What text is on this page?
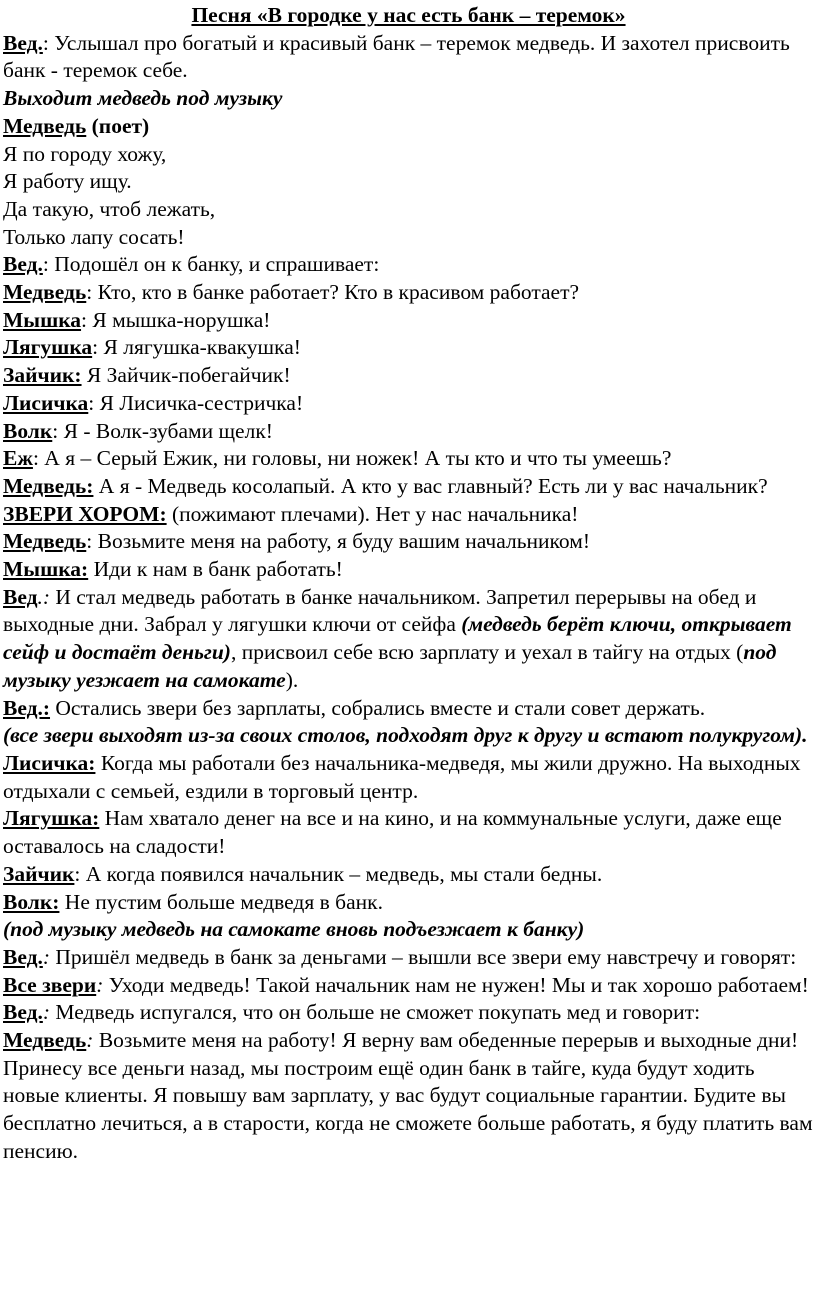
Песня «В городке у нас есть банк – теремок»

Вед.: Услышал про богатый и красивый банк – теремок медведь. И захотел присвоить банк - теремок себе.

Выходит медведь под музыку

Медведь (поет)

Я по городу хожу,

Я работу ищу.

Да такую, чтоб лежать,

Только лапу сосать!

Вед.: Подошёл он к банку, и спрашивает:

Медведь: Кто, кто в банке работает? Кто в красивом работает?

Мышка: Я мышка-норушка!

Лягушка: Я лягушка-квакушка!

Зайчик: Я Зайчик-побегайчик!

Лисичка: Я Лисичка-сестричка!

Волк: Я - Волк-зубами щелк!

Еж: А я – Серый Ежик, ни головы, ни ножек! А ты кто и что ты умеешь?

Медведь: А я - Медведь косолапый. А кто у вас главный? Есть ли у вас начальник?

ЗВЕРИ ХОРОМ: (пожимают плечами). Нет у нас начальника!

Медведь: Возьмите меня на работу, я буду вашим начальником!

Мышка: Иди к нам в банк работать!

Вед.: И стал медведь работать в банке начальником. Запретил перерывы на обед и выходные дни. Забрал у лягушки ключи от сейфа (медведь берёт ключи, открывает сейф и достаёт деньги), присвоил себе всю зарплату и уехал в тайгу на отдых (под музыку уезжает на самокате).

Вед.: Остались звери без зарплаты, собрались вместе и стали совет держать.
(все звери выходят из-за своих столов, подходят друг к другу и встают полукругом).

Лисичка: Когда мы работали без начальника-медведя, мы жили дружно. На выходных отдыхали с семьей, ездили в торговый центр.

Лягушка: Нам хватало денег на все и на кино, и на коммунальные услуги, даже еще оставалось на сладости!

Зайчик: А когда появился начальник – медведь, мы стали бедны.

Волк: Не пустим больше медведя в банк.

(под музыку медведь на самокате вновь подъезжает к банку)

Вед.: Пришёл медведь в банк за деньгами – вышли все звери ему навстречу и говорят:

Все звери: Уходи медведь! Такой начальник нам не нужен! Мы и так хорошо работаем!

Вед.: Медведь испугался, что он больше не сможет покупать мед и говорит:

Медведь: Возьмите меня на работу! Я верну вам обеденные перерыв и выходные дни! Принесу все деньги назад, мы построим ещё один банк в тайге, куда будут ходить новые клиенты. Я повышу вам зарплату, у вас будут социальные гарантии. Будите вы бесплатно лечиться, а в старости, когда не сможете больше работать, я буду платить вам пенсию.
